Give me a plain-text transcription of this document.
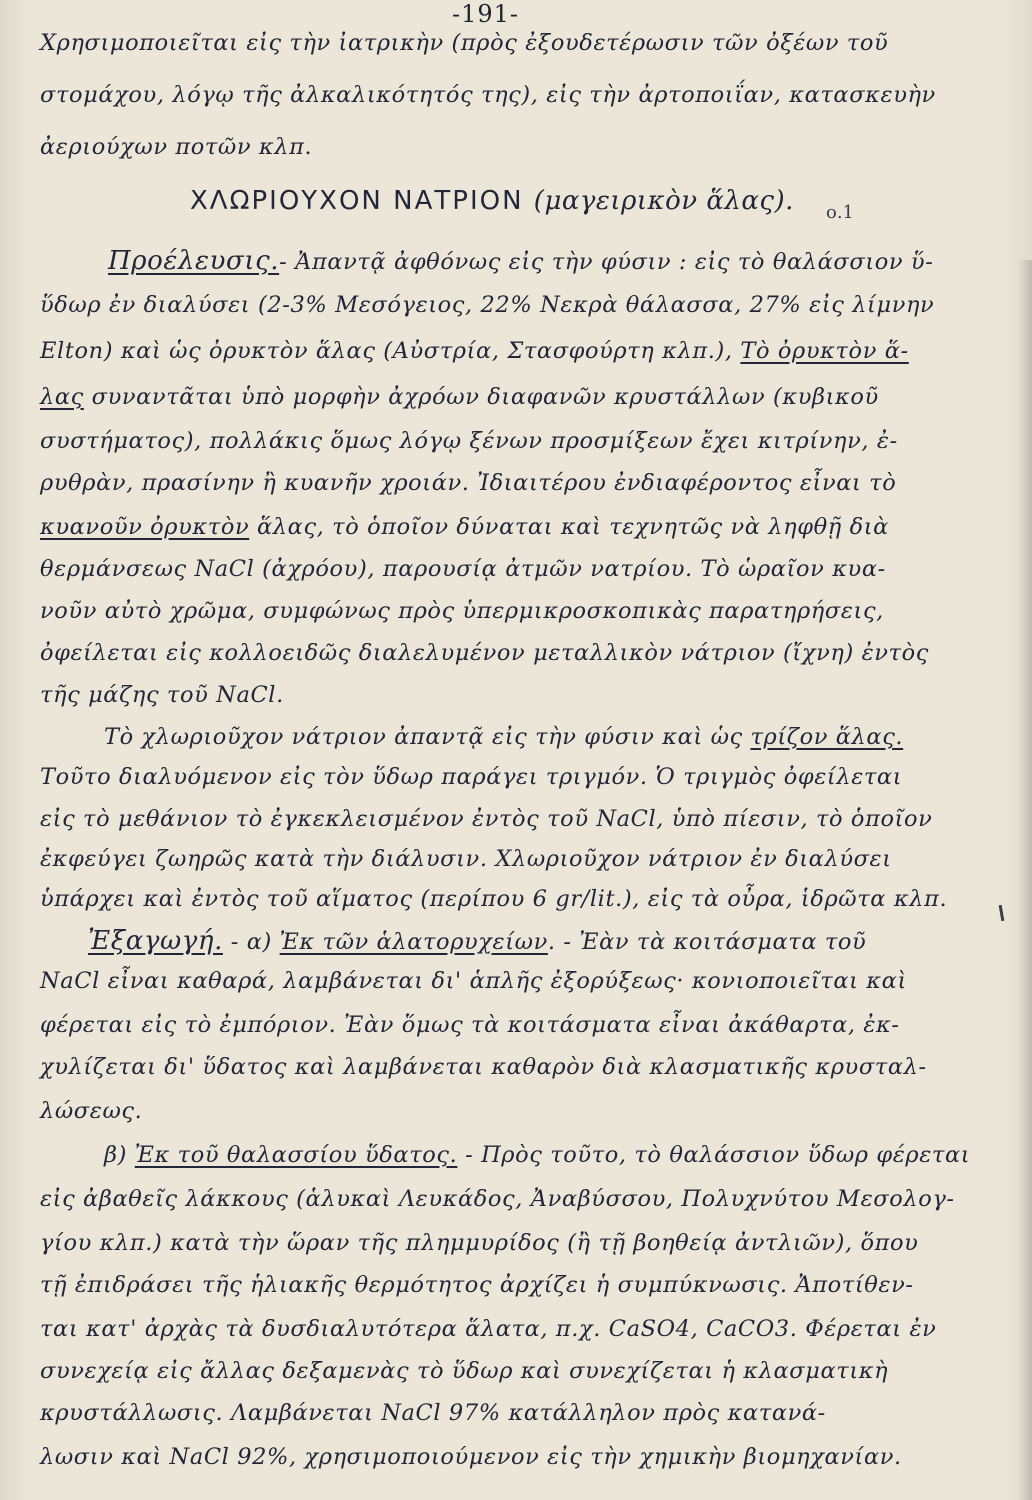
-191-
Χρησιμοποιεῖται εἰς τὴν ἰατρικὴν (πρὸς ἐξουδετέρωσιν τῶν ὀξέων τοῦ
στομάχου, λόγῳ τῆς ἀλκαλικότητός της), εἰς τὴν ἀρτοποιΐαν, κατασκευὴν
ἀεριούχων ποτῶν κλπ.
ΧΛΩΡΙΟΥΧΟΝ ΝΑΤΡΙΟΝ (μαγειρικὸν ἅλας). ο.1
Προέλευσις.- Ἀπαντᾷ ἀφθόνως εἰς τὴν φύσιν : εἰς τὸ θαλάσσιον ὕ-
ὕδωρ ἐν διαλύσει (2-3% Μεσόγειος, 22% Νεκρὰ θάλασσα, 27% εἰς λίμνην
Elton) καὶ ὡς ὀρυκτὸν ἅλας (Αὐστρία, Στασφούρτη κλπ.), Τὸ ὀρυκτὸν ἅ-
λας συναντᾶται ὑπὸ μορφὴν ἀχρόων διαφανῶν κρυστάλλων (κυβικοῦ
συστήματος), πολλάκις ὅμως λόγῳ ξένων προσμίξεων ἔχει κιτρίνην, ἐ-
ρυθρὰν, πρασίνην ἢ κυανῆν χροιάν. Ἰδιαιτέρου ἐνδιαφέροντος εἶναι τὸ
κυανοῦν ὀρυκτὸν ἅλας, τὸ ὁποῖον δύναται καὶ τεχνητῶς νὰ ληφθῇ διὰ
θερμάνσεως NaCl (ἀχρόου), παρουσίᾳ ἀτμῶν νατρίου. Τὸ ὡραῖον κυα-
νοῦν αὐτὸ χρῶμα, συμφώνως πρὸς ὑπερμικροσκοπικὰς παρατηρήσεις,
ὀφείλεται εἰς κολλοειδῶς διαλελυμένον μεταλλικὸν νάτριον (ἴχνη) ἐντὸς
τῆς μάζης τοῦ NaCl.
Τὸ χλωριοῦχον νάτριον ἀπαντᾷ εἰς τὴν φύσιν καὶ ὡς τρίζον ἅλας.
Τοῦτο διαλυόμενον εἰς τὸν ὕδωρ παράγει τριγμόν. Ὁ τριγμὸς ὀφείλεται
εἰς τὸ μεθάνιον τὸ ἐγκεκλεισμένον ἐντὸς τοῦ NaCl, ὑπὸ πίεσιν, τὸ ὁποῖον
ἐκφεύγει ζωηρῶς κατὰ τὴν διάλυσιν. Χλωριοῦχον νάτριον ἐν διαλύσει
ὑπάρχει καὶ ἐντὸς τοῦ αἵματος (περίπου 6 gr/lit.), εἰς τὰ οὖρα, ἱδρῶτα κλπ.
Ἐξαγωγή. - α) Ἐκ τῶν ἁλατορυχείων. - Ἐὰν τὰ κοιτάσματα τοῦ
NaCl εἶναι καθαρά, λαμβάνεται δι' ἁπλῆς ἐξορύξεως· κονιοποιεῖται καὶ
φέρεται εἰς τὸ ἐμπόριον. Ἐὰν ὅμως τὰ κοιτάσματα εἶναι ἀκάθαρτα, ἐκ-
χυλίζεται δι' ὕδατος καὶ λαμβάνεται καθαρὸν διὰ κλασματικῆς κρυσταλ-
λώσεως.
β) Ἐκ τοῦ θαλασσίου ὕδατος. - Πρὸς τοῦτο, τὸ θαλάσσιον ὕδωρ φέρεται
εἰς ἀβαθεῖς λάκκους (ἁλυκαὶ Λευκάδος, Ἀναβύσσου, Πολυχνύτου Μεσολογ-
γίου κλπ.) κατὰ τὴν ὥραν τῆς πλημμυρίδος (ἢ τῇ βοηθείᾳ ἀντλιῶν), ὅπου
τῇ ἐπιδράσει τῆς ἡλιακῆς θερμότητος ἀρχίζει ἡ συμπύκνωσις. Ἀποτίθεν-
ται κατ' ἀρχὰς τὰ δυσδιαλυτότερα ἅλατα, π.χ. CaSO4, CaCO3. Φέρεται ἐν
συνεχείᾳ εἰς ἄλλας δεξαμενὰς τὸ ὕδωρ καὶ συνεχίζεται ἡ κλασματικὴ
κρυστάλλωσις. Λαμβάνεται NaCl 97% κατάλληλον πρὸς κατανά-
λωσιν καὶ NaCl 92%, χρησιμοποιούμενον εἰς τὴν χημικὴν βιομηχανίαν.
